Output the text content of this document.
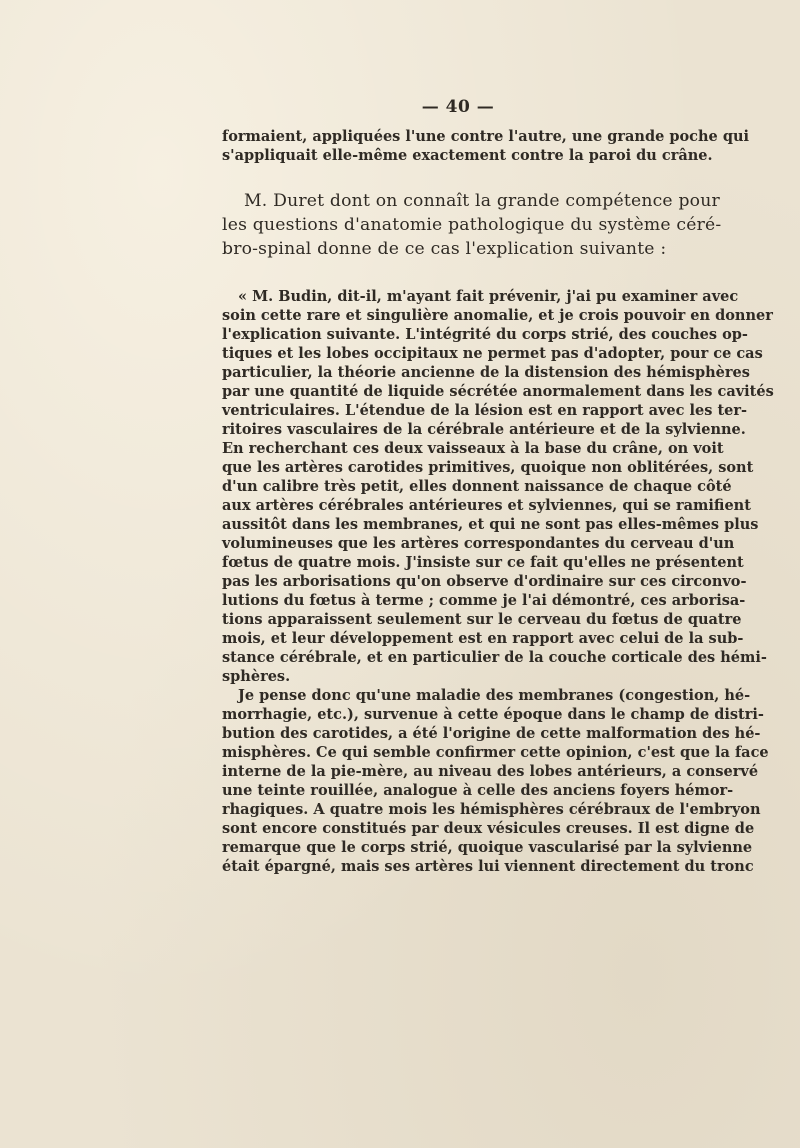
— 40 —

formaient, appliquées l'une contre l'autre, une grande poche qui
s'appliquait elle-même exactement contre la paroi du crâne.

M. Duret dont on connaît la grande compétence pour
les questions d'anatomie pathologique du système céré-
bro-spinal donne de ce cas l'explication suivante :

« M. Budin, dit-il, m'ayant fait prévenir, j'ai pu examiner avec
soin cette rare et singulière anomalie, et je crois pouvoir en donner
l'explication suivante. L'intégrité du corps strié, des couches op-
tiques et les lobes occipitaux ne permet pas d'adopter, pour ce cas
particulier, la théorie ancienne de la distension des hémisphères
par une quantité de liquide sécrétée anormalement dans les cavités
ventriculaires. L'étendue de la lésion est en rapport avec les ter-
ritoires vasculaires de la cérébrale antérieure et de la sylvienne.
En recherchant ces deux vaisseaux à la base du crâne, on voit
que les artères carotides primitives, quoique non oblitérées, sont
d'un calibre très petit, elles donnent naissance de chaque côté
aux artères cérébrales antérieures et sylviennes, qui se ramifient
aussitôt dans les membranes, et qui ne sont pas elles-mêmes plus
volumineuses que les artères correspondantes du cerveau d'un
fœtus de quatre mois. J'insiste sur ce fait qu'elles ne présentent
pas les arborisations qu'on observe d'ordinaire sur ces circonvo-
lutions du fœtus à terme ; comme je l'ai démontré, ces arborisa-
tions apparaissent seulement sur le cerveau du fœtus de quatre
mois, et leur développement est en rapport avec celui de la sub-
stance cérébrale, et en particulier de la couche corticale des hémi-
sphères.

Je pense donc qu'une maladie des membranes (congestion, hé-
morrhagie, etc.), survenue à cette époque dans le champ de distri-
bution des carotides, a été l'origine de cette malformation des hé-
misphères. Ce qui semble confirmer cette opinion, c'est que la face
interne de la pie-mère, au niveau des lobes antérieurs, a conservé
une teinte rouillée, analogue à celle des anciens foyers hémor-
rhagiques. A quatre mois les hémisphères cérébraux de l'embryon
sont encore constitués par deux vésicules creuses. Il est digne de
remarque que le corps strié, quoique vascularisé par la sylvienne
était épargné, mais ses artères lui viennent directement du tronc
